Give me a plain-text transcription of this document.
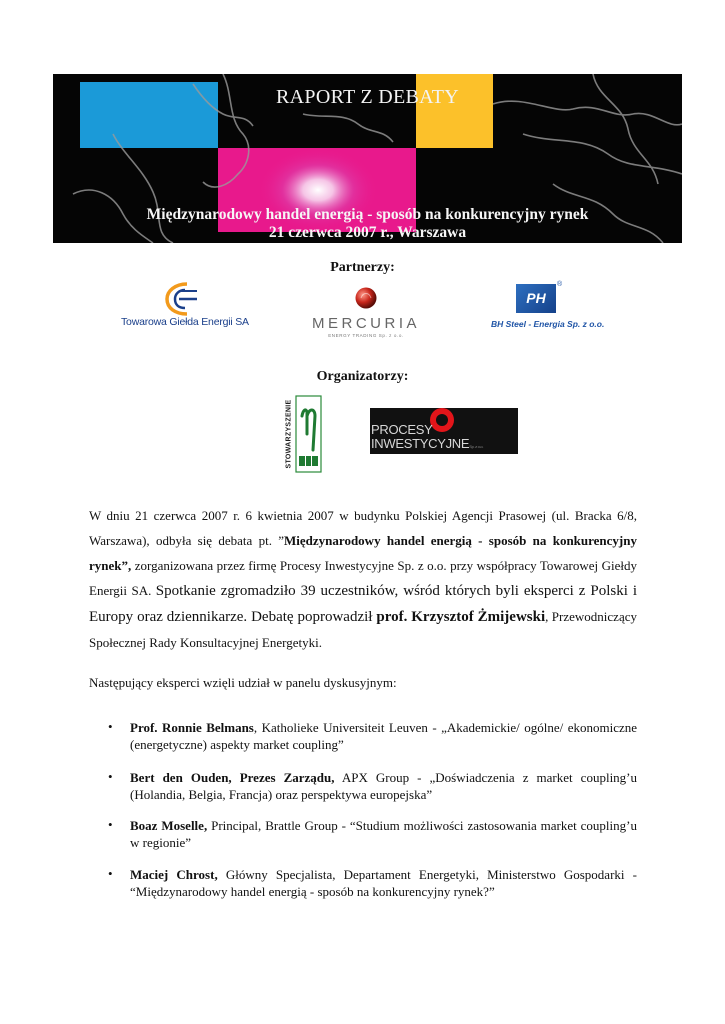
RAPORT Z DEBATY
Międzynarodowy handel energią - sposób na konkurencyjny rynek
21 czerwca 2007 r., Warszawa
Partnerzy:
Towarowa Giełda Energii SA	MERCURIA
ENERGY TRADING Sp. z o.o.
PH
®
BH Steel - Energia Sp. z o.o.
Organizatorzy:
STOWARZYSZENIE	PROCESY
INWESTYCYJNESp. z o.o.
W dniu 21 czerwca 2007 r. 6 kwietnia 2007 w budynku Polskiej Agencji Prasowej (ul. Bracka 6/8, Warszawa), odbyła się debata pt. ”Międzynarodowy handel energią - sposób na konkurencyjny rynek”, zorganizowana przez firmę Procesy Inwestycyjne Sp. z o.o. przy współpracy Towarowej Giełdy Energii SA. Spotkanie zgromadziło 39 uczestników, wśród których byli eksperci z Polski i Europy oraz dziennikarze. Debatę poprowadził prof. Krzysztof Żmijewski, Przewodniczący Społecznej Rady Konsultacyjnej Energetyki.
Następujący eksperci wzięli udział w panelu dyskusyjnym:
• Prof. Ronnie Belmans, Katholieke Universiteit Leuven - „Akademickie/ ogólne/ ekonomiczne (energetyczne) aspekty market coupling”
• Bert den Ouden, Prezes Zarządu, APX Group - „Doświadczenia z market coupling’u (Holandia, Belgia, Francja) oraz perspektywa europejska”
• Boaz Moselle, Principal, Brattle Group - “Studium możliwości zastosowania market coupling’u w regionie”
• Maciej Chrost, Główny Specjalista, Departament Energetyki, Ministerstwo Gospodarki - “Międzynarodowy handel energią - sposób na konkurencyjny rynek?”
